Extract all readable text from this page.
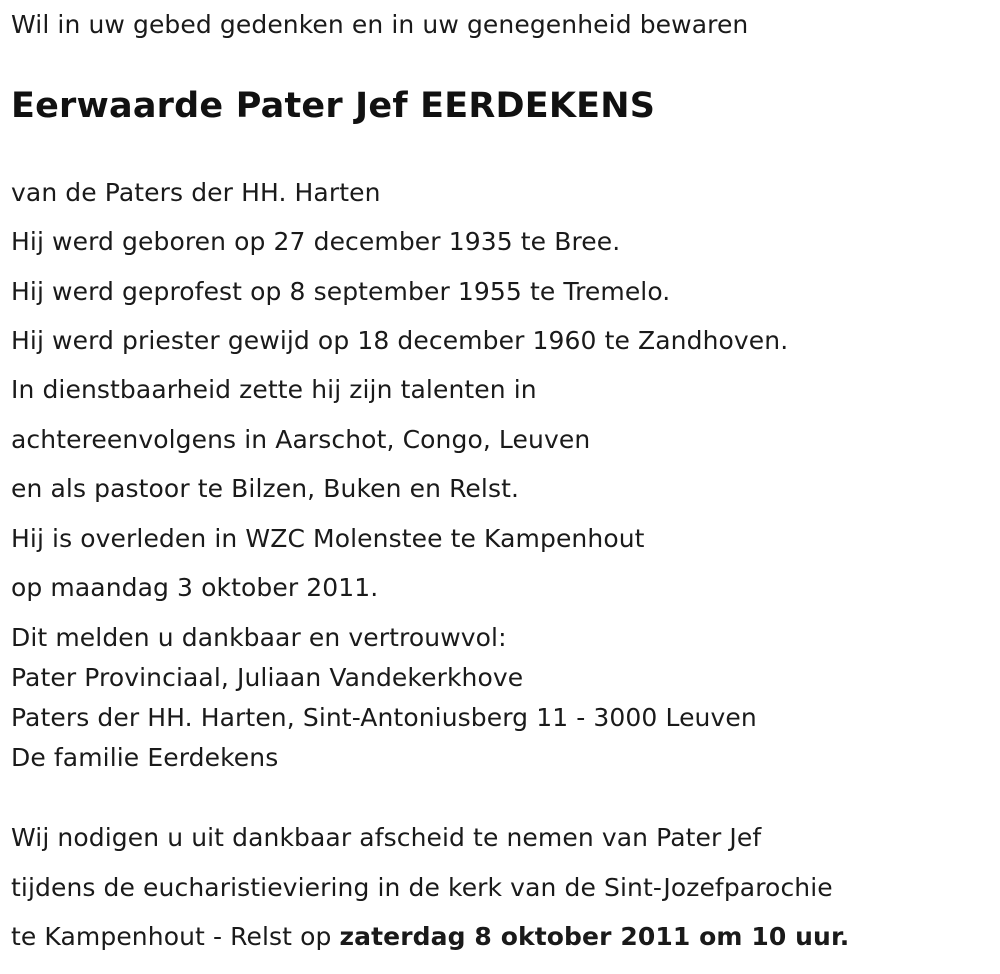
Wil in uw gebed gedenken en in uw genegenheid bewaren
Eerwaarde Pater Jef EERDEKENS
van de Paters der HH. Harten
Hij werd geboren op 27 december 1935 te Bree.
Hij werd geprofest op 8 september 1955 te Tremelo.
Hij werd priester gewijd op 18 december 1960 te Zandhoven.
In dienstbaarheid zette hij zijn talenten in
achtereenvolgens in Aarschot, Congo, Leuven
en als pastoor te Bilzen, Buken en Relst.
Hij is overleden in WZC Molenstee te Kampenhout
op maandag 3 oktober 2011.
Dit melden u dankbaar en vertrouwvol:
Pater Provinciaal, Juliaan Vandekerkhove
Paters der HH. Harten, Sint-Antoniusberg 11 - 3000 Leuven
De familie Eerdekens
Wij nodigen u uit dankbaar afscheid te nemen van Pater Jef
tijdens de eucharistieviering in de kerk van de Sint-Jozefparochie
te Kampenhout - Relst op zaterdag 8 oktober 2011 om 10 uur.
